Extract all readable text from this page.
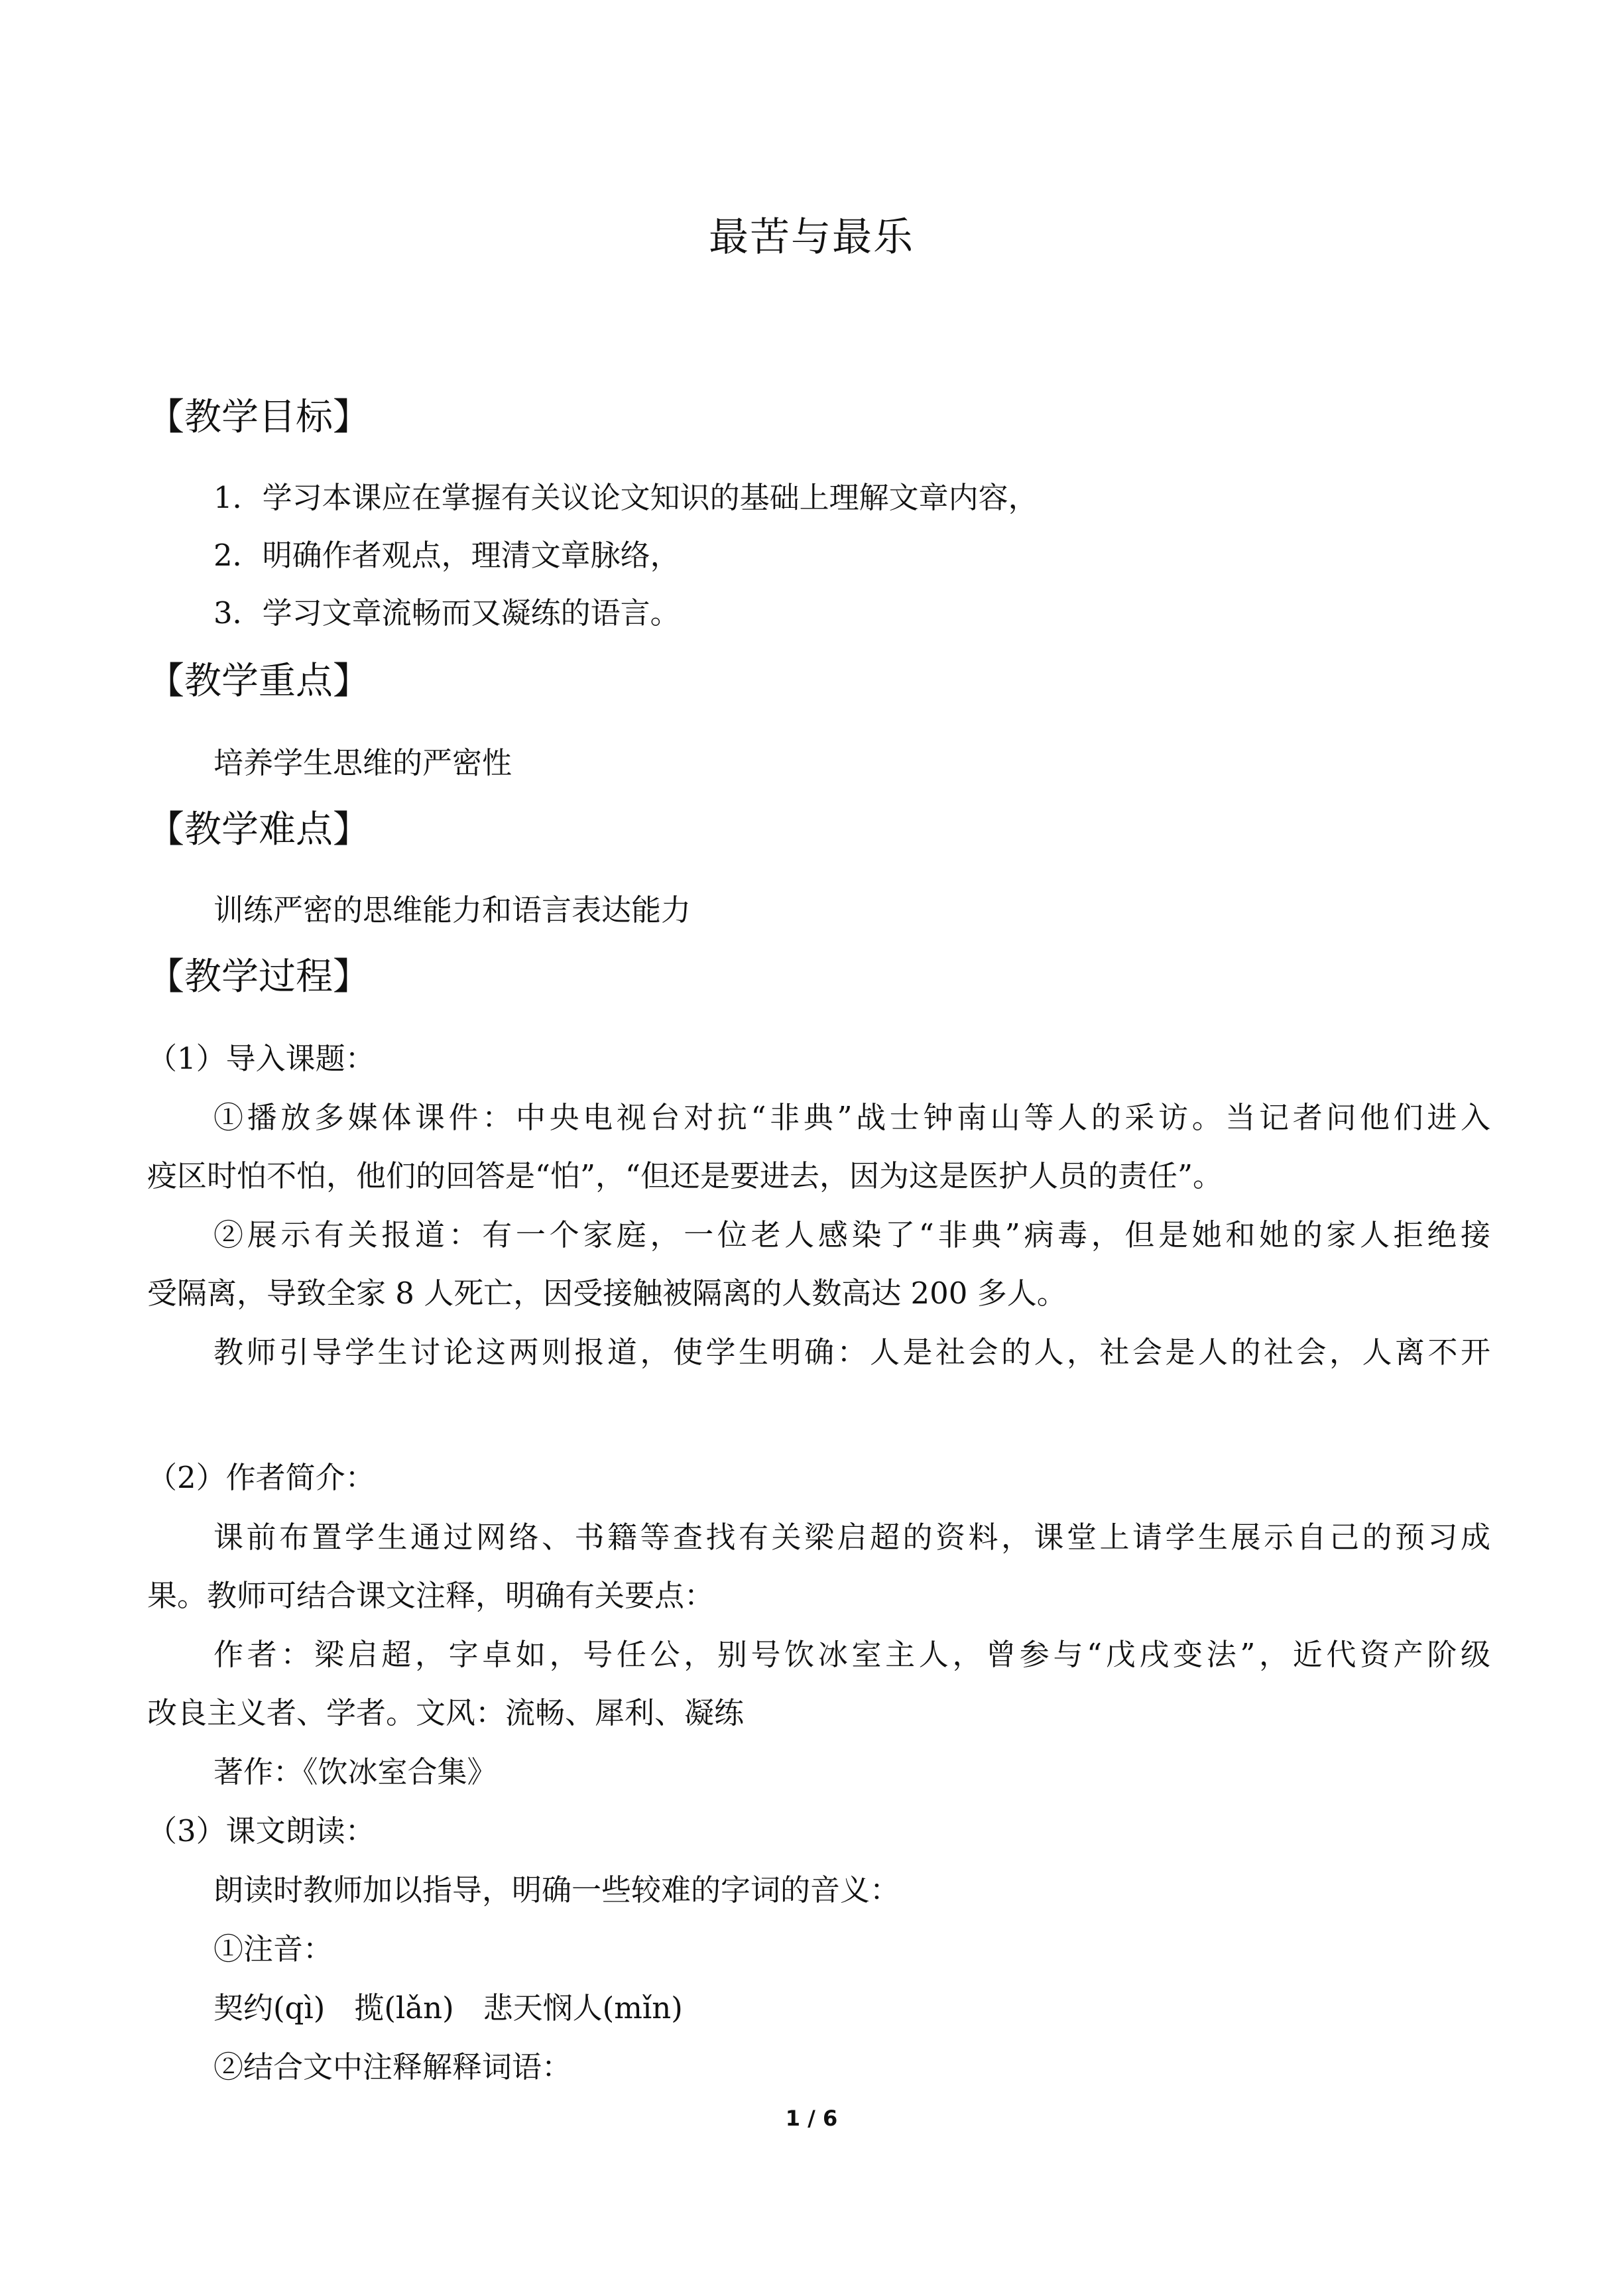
最苦与最乐
【教学目标】
1．学习本课应在掌握有关议论文知识的基础上理解文章内容，
2．明确作者观点，理清文章脉络，
3．学习文章流畅而又凝练的语言。
【教学重点】
培养学生思维的严密性
【教学难点】
训练严密的思维能力和语言表达能力
【教学过程】
（1）导入课题：
①播放多媒体课件：中央电视台对抗“非典”战士钟南山等人的采访。当记者问他们进入
疫区时怕不怕，他们的回答是“怕”，“但还是要进去，因为这是医护人员的责任”。
②展示有关报道：有一个家庭，一位老人感染了“非典”病毒，但是她和她的家人拒绝接
受隔离，导致全家 8 人死亡，因受接触被隔离的人数高达 200 多人。
教师引导学生讨论这两则报道，使学生明确：人是社会的人，社会是人的社会，人离不开
（2）作者简介：
课前布置学生通过网络、书籍等查找有关梁启超的资料，课堂上请学生展示自己的预习成
果。教师可结合课文注释，明确有关要点：
作者：梁启超，字卓如，号任公，别号饮冰室主人，曾参与“戊戌变法”，近代资产阶级
改良主义者、学者。文风：流畅、犀利、凝练
著作：《饮冰室合集》
（3）课文朗读：
朗读时教师加以指导，明确一些较难的字词的音义：
①注音：
契约(qì) 揽(lǎn) 悲天悯人(mǐn)
②结合文中注释解释词语：
1 / 6
